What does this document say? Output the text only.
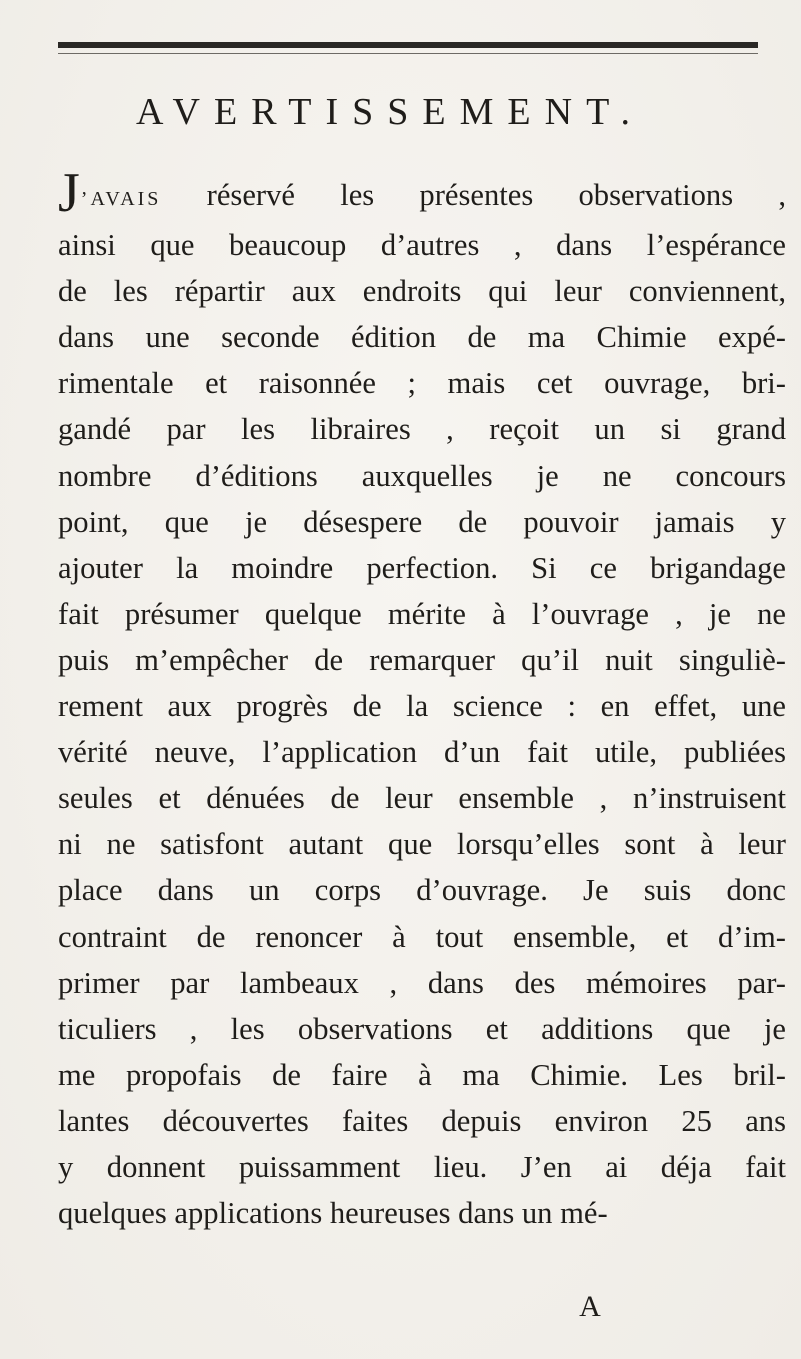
AVERTISSEMENT.
J’AVAIS réservé les présentes observations ,
ainsi que beaucoup d’autres , dans l’espérance
de les répartir aux endroits qui leur conviennent,
dans une seconde édition de ma Chimie expé-
rimentale et raisonnée ; mais cet ouvrage, bri-
gandé par les libraires , reçoit un si grand
nombre d’éditions auxquelles je ne concours
point, que je désespere de pouvoir jamais y
ajouter la moindre perfection. Si ce brigandage
fait présumer quelque mérite à l’ouvrage , je ne
puis m’empêcher de remarquer qu’il nuit singuliè-
rement aux progrès de la science : en effet, une
vérité neuve, l’application d’un fait utile, publiées
seules et dénuées de leur ensemble , n’instruisent
ni ne satisfont autant que lorsqu’elles sont à leur
place dans un corps d’ouvrage. Je suis donc
contraint de renoncer à tout ensemble, et d’im-
primer par lambeaux , dans des mémoires par-
ticuliers , les observations et additions que je
me propofais de faire à ma Chimie. Les bril-
lantes découvertes faites depuis environ 25 ans
y donnent puissamment lieu. J’en ai déja fait
quelques applications heureuses dans un mé-
A
